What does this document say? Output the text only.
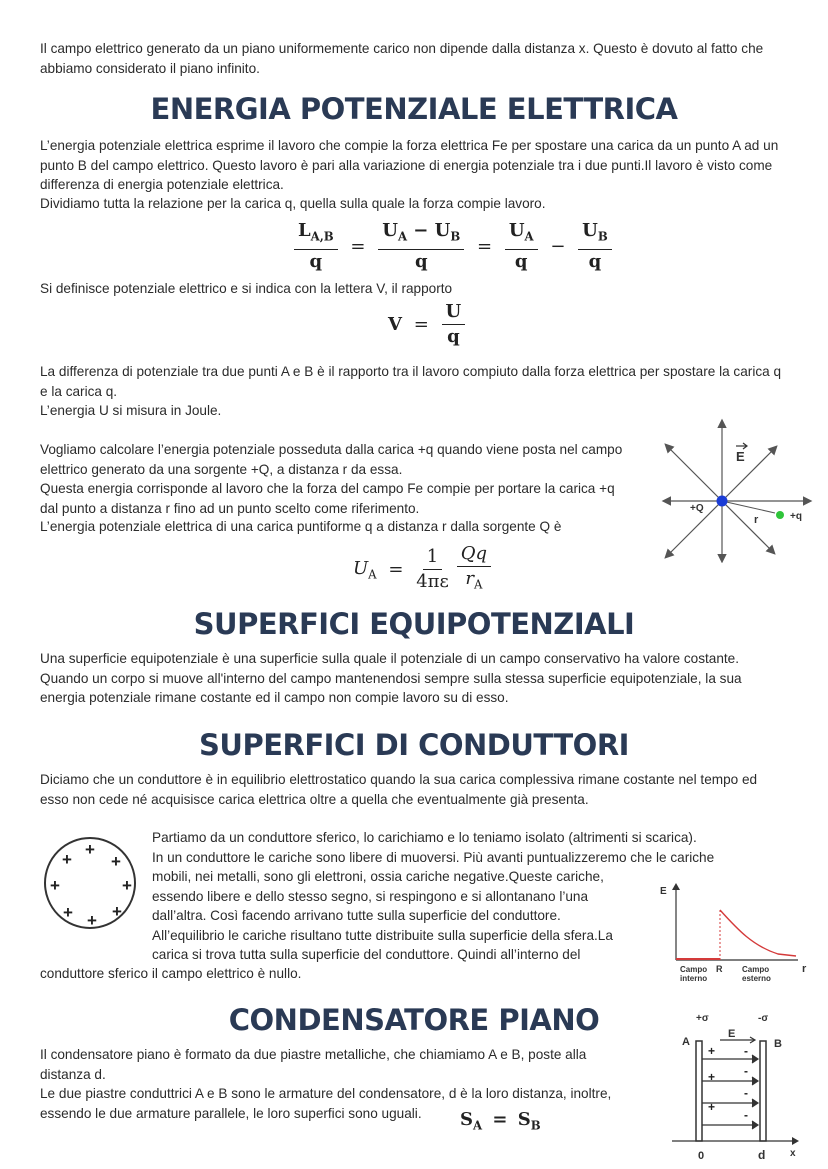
Il campo elettrico generato da un piano uniformemente carico non dipende dalla distanza x. Questo è dovuto al fatto che abbiamo considerato il piano infinito.

ENERGIA POTENZIALE ELETTRICA

L’energia potenziale elettrica esprime il lavoro che compie la forza elettrica Fe per spostare una carica da un punto A ad un punto B del campo elettrico. Questo lavoro è pari alla variazione di energia potenziale tra i due punti.Il lavoro è visto come differenza di energia potenziale elettrica.

Dividiamo tutta la relazione per la carica q, quella sulla quale la forza compie lavoro.

$\frac{L_{A,B}}{q} = \frac{U_A - U_B}{q} = \frac{U_A}{q} - \frac{U_B}{q}$

Si definisce potenziale elettrico e si indica con la lettera V, il rapporto

$V = \frac{U}{q}$

La differenza di potenziale tra due punti A e B è il rapporto tra il lavoro compiuto dalla forza elettrica per spostare la carica q e la carica q.

L’energia U si misura in Joule.

Vogliamo calcolare l’energia potenziale posseduta dalla carica +q quando viene posta nel campo elettrico generato da una sorgente +Q, a distanza r da essa.

Questa energia corrisponde al lavoro che la forza del campo Fe compie per portare la carica +q dal punto a distanza r fino ad un punto scelto come riferimento.

L’energia potenziale elettrica di una carica puntiforme q a distanza r dalla sorgente Q è

$U_A = \frac{1}{4\pi\varepsilon} \frac{Qq}{r_A}$
E
+Q
r	+q
SUPERFICI EQUIPOTENZIALI

Una superficie equipotenziale è una superficie sulla quale il potenziale di un campo conservativo ha valore costante. Quando un corpo si muove all'interno del campo mantenendosi sempre sulla stessa superficie equipotenziale, la sua energia potenziale rimane costante ed il campo non compie lavoro su di esso.

SUPERFICI DI CONDUTTORI

Diciamo che un conduttore è in equilibrio elettrostatico quando la sua carica complessiva rimane costante nel tempo ed esso non cede né acquisisce carica elettrica oltre a quella che eventualmente già presenta.

Partiamo da un conduttore sferico, lo carichiamo e lo teniamo isolato (altrimenti si scarica).
In un conduttore le cariche sono libere di muoversi. Più avanti puntualizzeremo che le cariche
mobili, nei metalli, sono gli elettroni, ossia cariche negative.Queste cariche,
essendo libere e dello stesso segno, si respingono e si allontanano l’una
dall’altra. Così facendo arrivano tutte sulla superficie del conduttore.
All’equilibrio le cariche risultano tutte distribuite sulla superficie della sfera.La
carica si trova tutta sulla superficie del conduttore. Quindi all’interno del

conduttore sferico il campo elettrico è nullo.

+
+ +
+	+
+ + +
E
r
R
Campo
interno
Campo
esterno
CONDENSATORE PIANO

Il condensatore piano è formato da due piastre metalliche, che chiamiamo A e B, poste alla distanza d.

Le due piastre conduttrici A e B sono le armature del condensatore, d è la loro distanza, inoltre, essendo le due armature parallele, le loro superfici sono uguali.	$S_A = S_B$
+σ	-σ
A	B
E
+
+
+
-
-
-
-
0	d x
